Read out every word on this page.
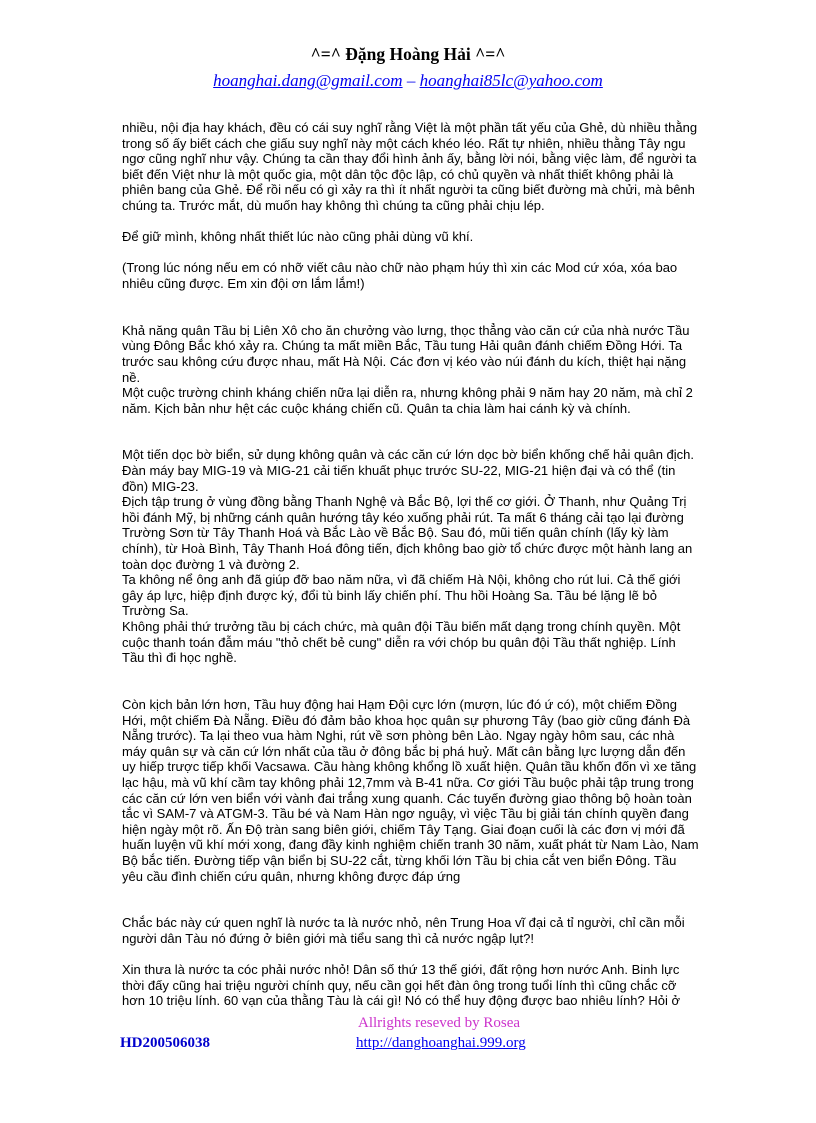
^=^ Đặng Hoàng Hải ^=^
hoanghai.dang@gmail.com – hoanghai85lc@yahoo.com

nhiều, nội địa hay khách, đều có cái suy nghĩ rằng Việt là một phần tất yếu của Ghẻ, dù nhiều thằng trong số ấy biết cách che giấu suy nghĩ này một cách khéo léo. Rất tự nhiên, nhiều thằng Tây ngu ngơ cũng nghĩ như vậy. Chúng ta cần thay đổi hình ảnh ấy, bằng lời nói, bằng việc làm, để người ta biết đến Việt như là một quốc gia, một dân tộc độc lập, có chủ quyền và nhất thiết không phải là phiên bang của Ghẻ. Để rồi nếu có gì xảy ra thì ít nhất người ta cũng biết đường mà chửi, mà bênh chúng ta. Trước mắt, dù muốn hay không thì chúng ta cũng phải chịu lép.

Để giữ mình, không nhất thiết lúc nào cũng phải dùng vũ khí.

(Trong lúc nóng nếu em có nhỡ viết câu nào chữ nào phạm húy thì xin các Mod cứ xóa, xóa bao nhiêu cũng được. Em xin đội ơn lắm lắm!)

Khả năng quân Tầu bị Liên Xô cho ăn chưởng vào lưng, thọc thẳng vào căn cứ của nhà nước Tầu vùng Đông Bắc khó xảy ra. Chúng ta mất miền Bắc, Tầu tung Hải quân đánh chiếm Đồng Hới. Ta trước sau không cứu được nhau, mất Hà Nội. Các đơn vị kéo vào núi đánh du kích, thiệt hại nặng nề.

Một cuộc trường chinh kháng chiến nữa lại diễn ra, nhưng không phải 9 năm hay 20 năm, mà chỉ 2 năm. Kịch bản như hệt các cuộc kháng chiến cũ. Quân ta chia làm hai cánh kỳ và chính.

Một tiến dọc bờ biển, sử dụng không quân và các căn cứ lớn dọc bờ biển khống chế hải quân địch. Đàn máy bay MIG-19 và MIG-21 cải tiến khuất phục trước SU-22, MIG-21 hiện đại và có thể (tin đồn) MIG-23.

Địch tập trung ở vùng đồng bằng Thanh Nghệ và Bắc Bộ, lợi thế cơ giới. Ở Thanh, như Quảng Trị hồi đánh Mỹ, bị những cánh quân hướng tây kéo xuống phải rút. Ta mất 6 tháng cải tạo lại đường Trường Sơn từ Tây Thanh Hoá và Bắc Lào về Bắc Bộ. Sau đó, mũi tiến quân chính (lấy kỳ làm chính), từ Hoà Bình, Tây Thanh Hoá đông tiến, địch không bao giờ tổ chức được một hành lang an toàn dọc đường 1 và đường 2.

Ta không nể ông anh đã giúp đỡ bao năm nữa, vì đã chiếm Hà Nội, không cho rút lui. Cả thế giới gây áp lực, hiệp định được ký, đổi tù binh lấy chiến phí. Thu hồi Hoàng Sa. Tầu bé lặng lẽ bỏ Trường Sa.

Không phải thứ trưởng tầu bị cách chức, mà quân đội Tầu biến mất dạng trong chính quyền. Một cuộc thanh toán đẫm máu "thỏ chết bẻ cung" diễn ra với chóp bu quân đội Tầu thất nghiệp. Lính Tầu thì đi học nghề.

Còn kịch bản lớn hơn, Tầu huy động hai Hạm Đội cực lớn (mượn, lúc đó ứ có), một chiếm Đồng Hới, một chiếm Đà Nẵng. Điều đó đảm bảo khoa học quân sự phương Tây (bao giờ cũng đánh Đà Nẵng trước). Ta lại theo vua hàm Nghi, rút về sơn phòng bên Lào. Ngay ngày hôm sau, các nhà máy quân sự và căn cứ lớn nhất của tầu ở đông bắc bị phá huỷ. Mất cân bằng lực lượng dẫn đến uy hiếp trược tiếp khối Vacsawa. Cầu hàng không khổng lồ xuất hiện. Quân tầu khốn đốn vì xe tăng lạc hậu, mà vũ khí cầm tay không phải 12,7mm và B-41 nữa. Cơ giới Tầu buộc phải tập trung trong các căn cứ lớn ven biển với vành đai trắng xung quanh. Các tuyến đường giao thông bộ hoàn toàn tắc vì SAM-7 và ATGM-3. Tầu bé và Nam Hàn ngơ nguậy, vì việc Tầu bị giải tán chính quyền đang hiện ngày một rõ. Ấn Độ tràn sang biên giới, chiếm Tây Tạng. Giai đoạn cuối là các đơn vị mới đã huấn luyện vũ khí mới xong, đang đầy kinh nghiệm chiến tranh 30 năm, xuất phát từ Nam Lào, Nam Bộ bắc tiến. Đường tiếp vận biển bị SU-22 cắt, từng khối lớn Tầu bị chia cắt ven biển Đông. Tầu yêu cầu đình chiến cứu quân, nhưng không được đáp ứng

Chắc bác này cứ quen nghĩ là nước ta là nước nhỏ, nên Trung Hoa vĩ đại cả tỉ người, chỉ cần mỗi người dân Tàu nó đứng ở biên giới mà tiểu sang thì cả nước ngập lụt?!

Xin thưa là nước ta cóc phải nước nhỏ! Dân số thứ 13 thế giới, đất rộng hơn nước Anh. Binh lực thời đấy cũng hai triệu người chính quy, nếu cần gọi hết đàn ông trong tuổi lính thì cũng chắc cỡ hơn 10 triệu lính. 60 vạn của thằng Tàu là cái gì! Nó có thể huy động được bao nhiêu lính? Hỏi ở

Allrights reseved by Rosea
HD200506038	http://danghoanghai.999.org
